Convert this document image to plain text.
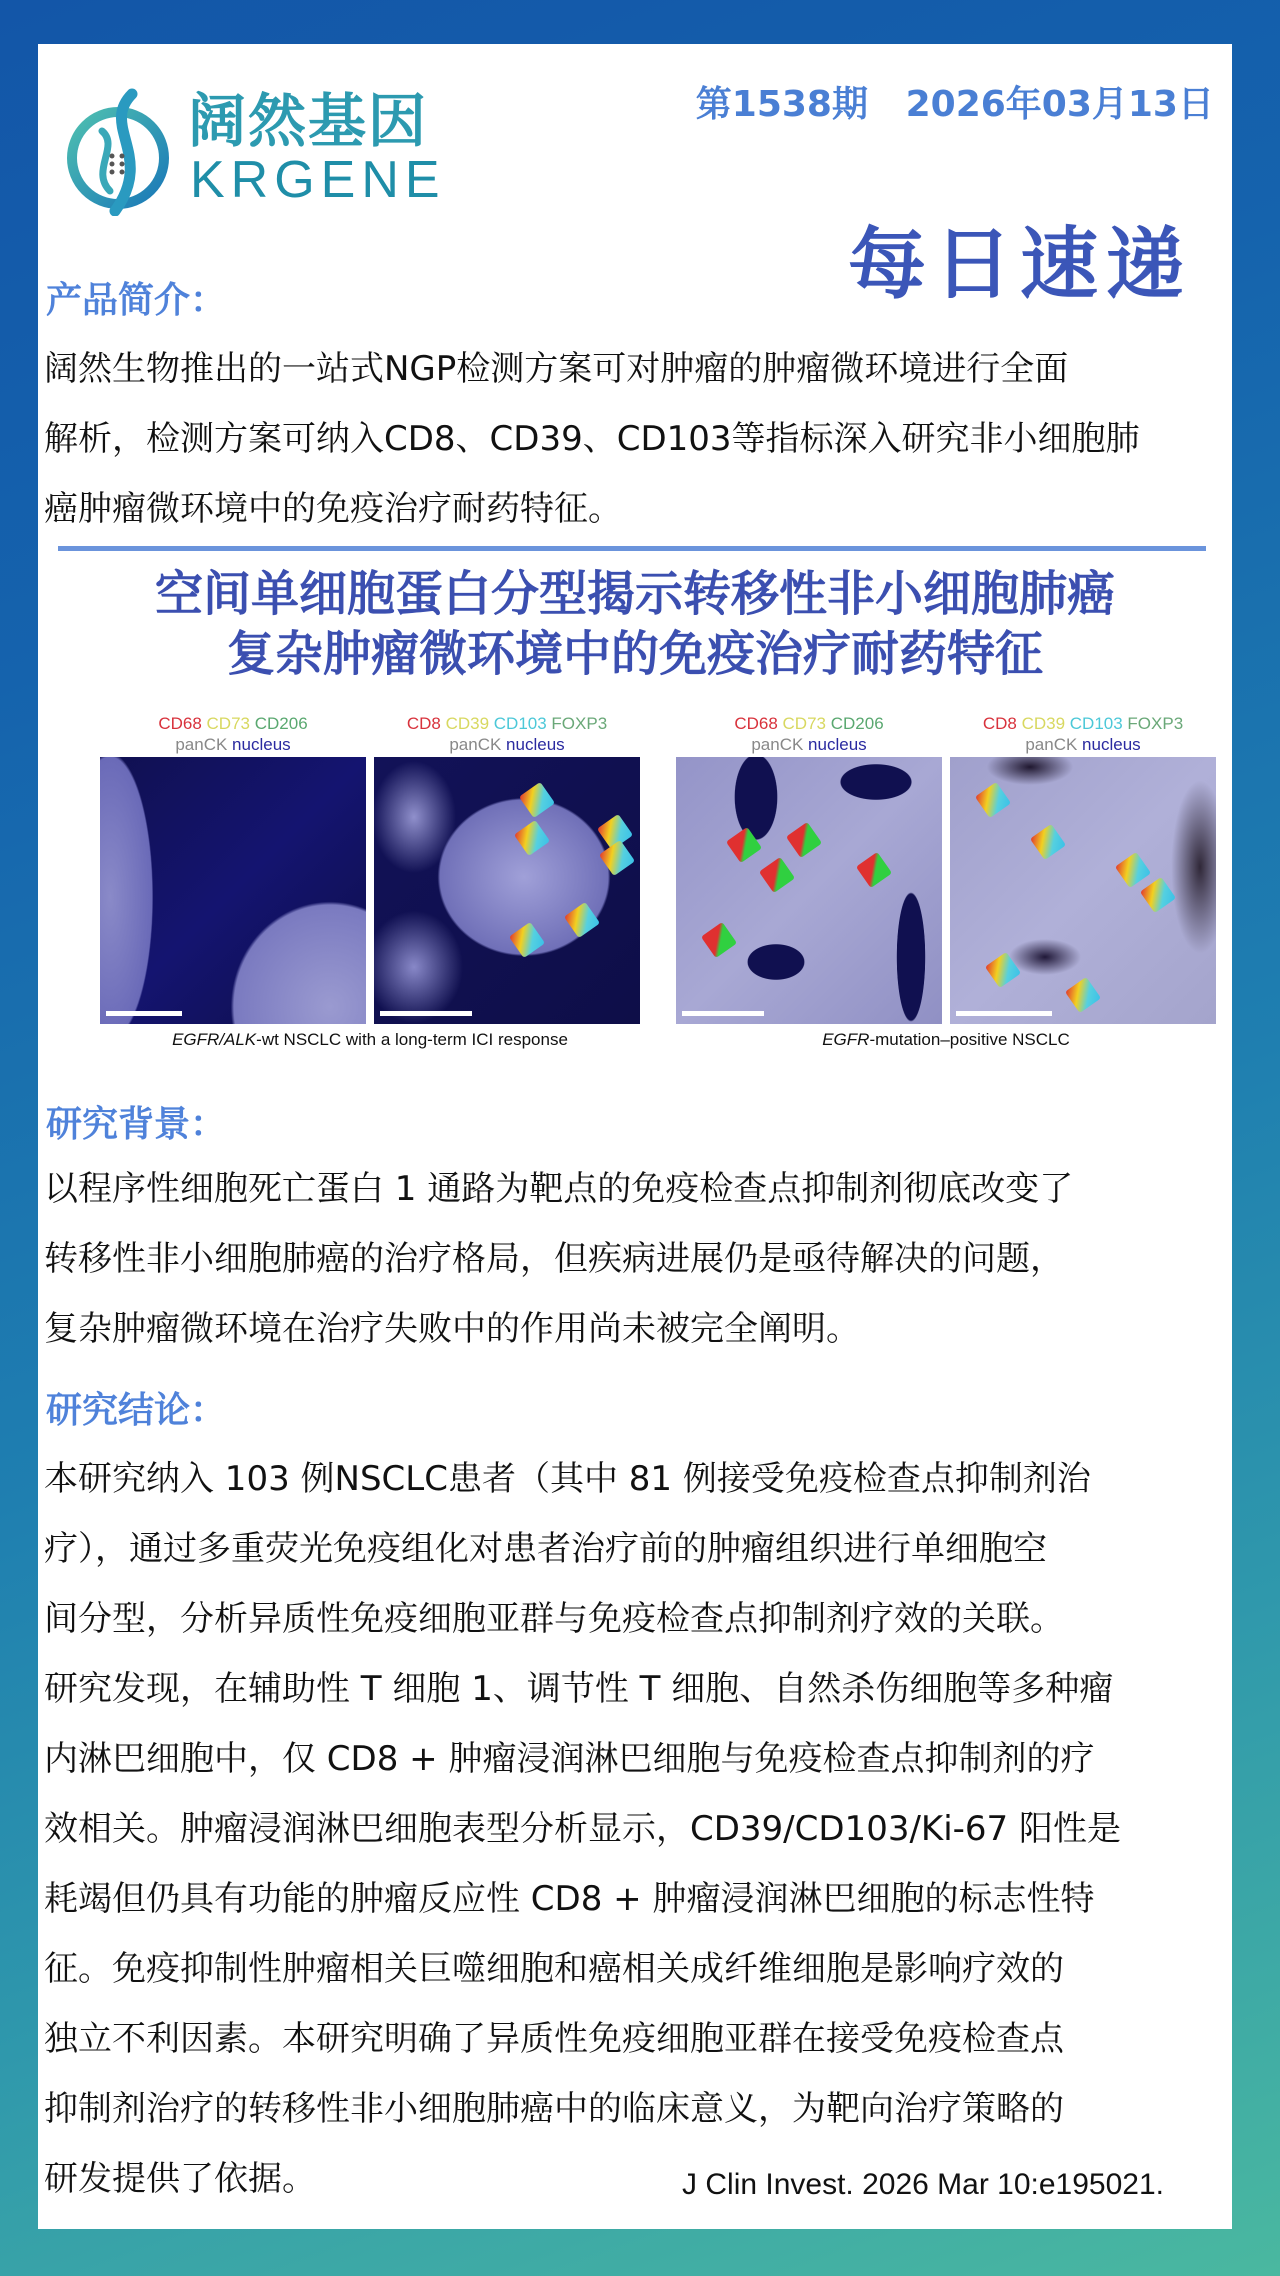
阔然基因
KRGENE
第1538期 2026年03月13日
每日速递
产品简介：
阔然生物推出的一站式NGP检测方案可对肿瘤的肿瘤微环境进行全面
解析，检测方案可纳入CD8、CD39、CD103等指标深入研究非小细胞肺
癌肿瘤微环境中的免疫治疗耐药特征。
空间单细胞蛋白分型揭示转移性非小细胞肺癌
复杂肿瘤微环境中的免疫治疗耐药特征
CD68 CD73 CD206
panCK nucleus
CD8 CD39 CD103 FOXP3
panCK nucleus
CD68 CD73 CD206
panCK nucleus
CD8 CD39 CD103 FOXP3
panCK nucleus
EGFR/ALK-wt NSCLC with a long-term ICI response	EGFR-mutation–positive NSCLC
研究背景：
以程序性细胞死亡蛋白 1 通路为靶点的免疫检查点抑制剂彻底改变了
转移性非小细胞肺癌的治疗格局，但疾病进展仍是亟待解决的问题，
复杂肿瘤微环境在治疗失败中的作用尚未被完全阐明。
研究结论：
本研究纳入 103 例NSCLC患者（其中 81 例接受免疫检查点抑制剂治
疗），通过多重荧光免疫组化对患者治疗前的肿瘤组织进行单细胞空
间分型，分析异质性免疫细胞亚群与免疫检查点抑制剂疗效的关联。
研究发现，在辅助性 T 细胞 1、调节性 T 细胞、自然杀伤细胞等多种瘤
内淋巴细胞中，仅 CD8 + 肿瘤浸润淋巴细胞与免疫检查点抑制剂的疗
效相关。肿瘤浸润淋巴细胞表型分析显示，CD39/CD103/Ki-67 阳性是
耗竭但仍具有功能的肿瘤反应性 CD8 + 肿瘤浸润淋巴细胞的标志性特
征。免疫抑制性肿瘤相关巨噬细胞和癌相关成纤维细胞是影响疗效的
独立不利因素。本研究明确了异质性免疫细胞亚群在接受免疫检查点
抑制剂治疗的转移性非小细胞肺癌中的临床意义，为靶向治疗策略的
研发提供了依据。	J Clin Invest. 2026 Mar 10:e195021.
